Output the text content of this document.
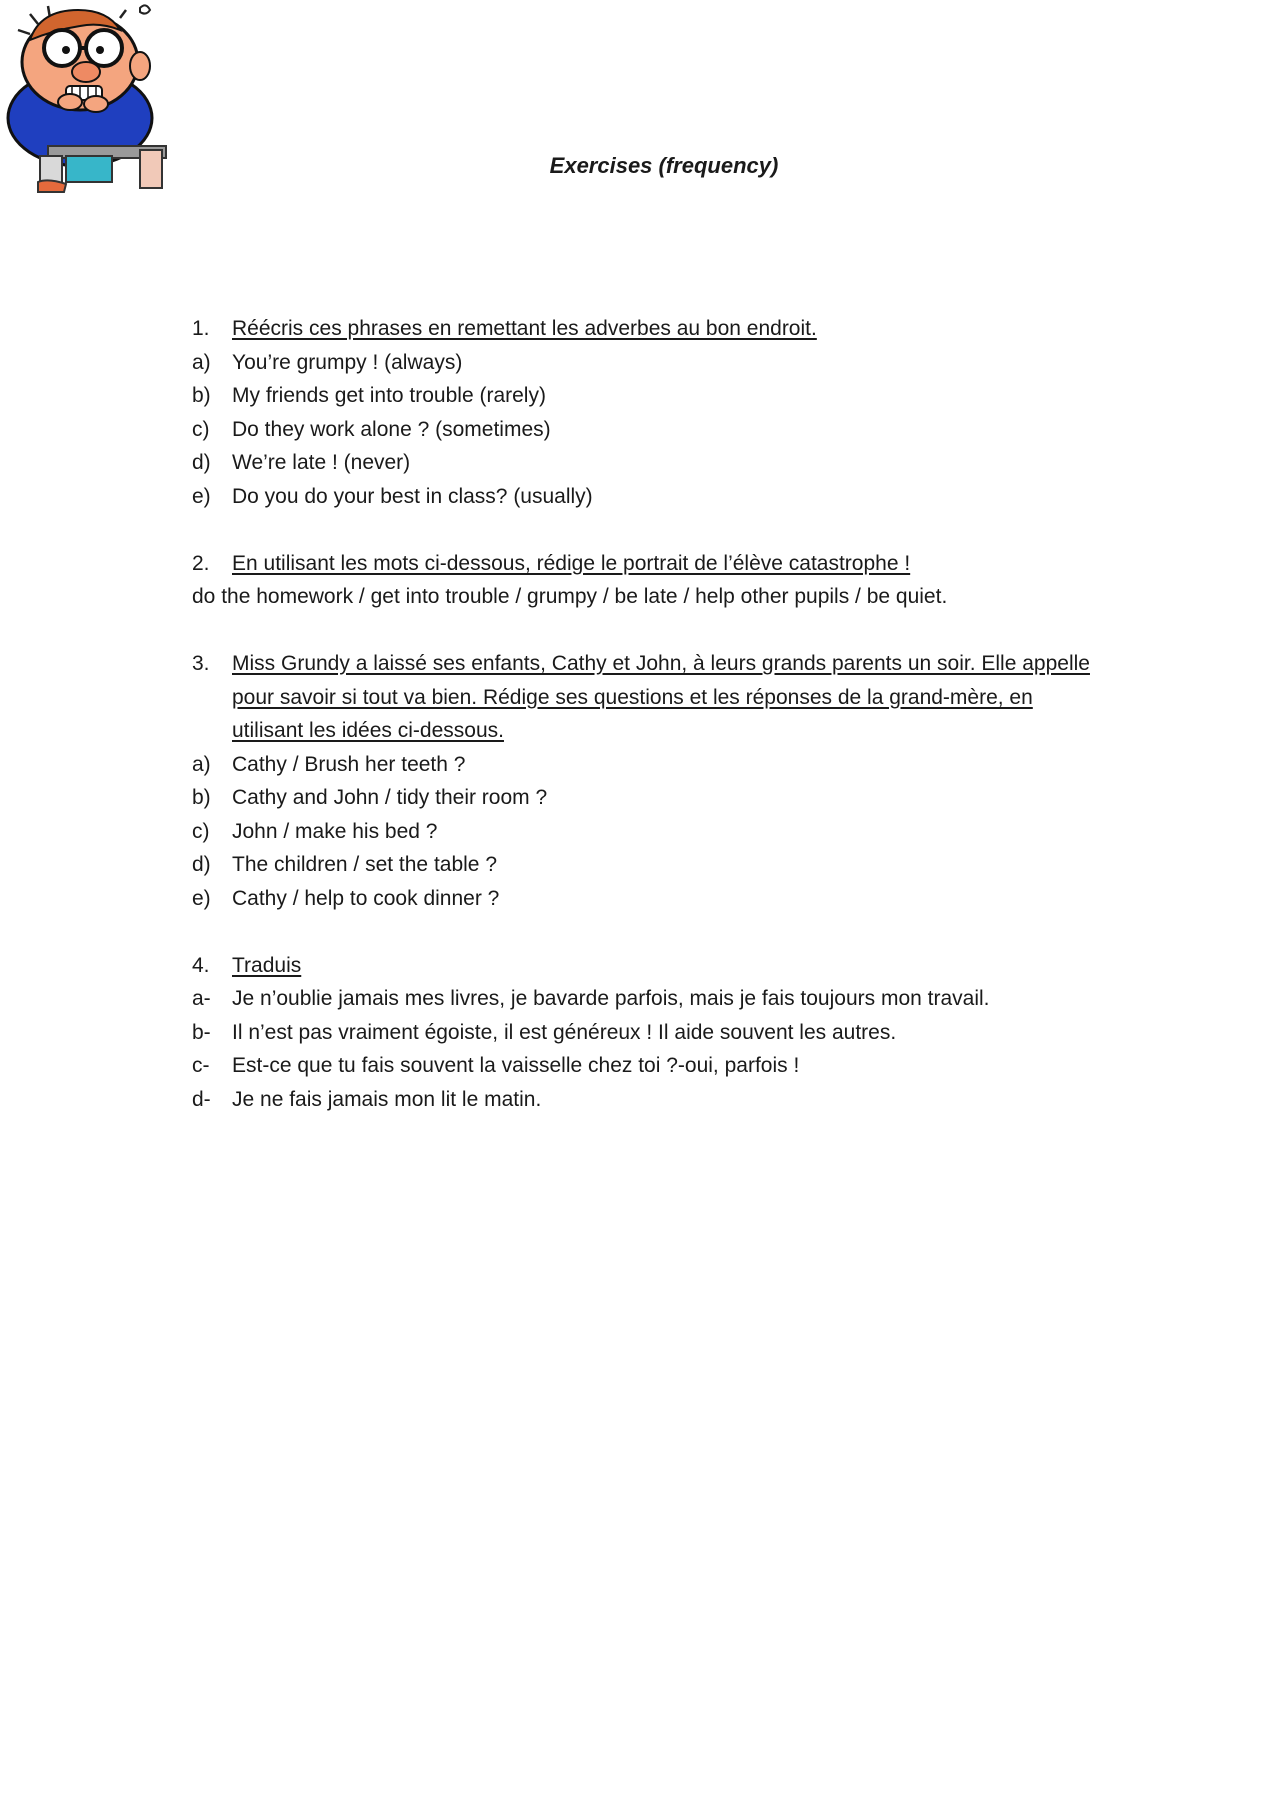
Exercises (frequency)
1.	Réécris ces phrases en remettant les adverbes au bon endroit.
a)	You’re grumpy ! (always)
b)	My friends get into trouble (rarely)
c)	Do they work alone ? (sometimes)
d)	We’re late ! (never)
e)	Do you do your best in class? (usually)
2.	En utilisant les mots ci-dessous, rédige le portrait de l’élève catastrophe !
do the homework / get into trouble / grumpy / be late / help other pupils / be quiet.
3.	Miss Grundy a laissé ses enfants, Cathy et John, à leurs grands parents un soir. Elle appelle
pour savoir si tout va bien. Rédige ses questions et les réponses de la grand-mère, en
utilisant les idées ci-dessous.
a)	Cathy / Brush her teeth ?
b)	Cathy and John / tidy their room ?
c)	John / make his bed ?
d)	The children / set the table ?
e)	Cathy / help to cook dinner ?
4.	Traduis
a-	Je n’oublie jamais mes livres, je bavarde parfois, mais je fais toujours mon travail.
b-	Il n’est pas vraiment égoiste, il est généreux ! Il aide souvent les autres.
c-	Est-ce que tu fais souvent la vaisselle chez toi ?-oui, parfois !
d-	Je ne fais jamais mon lit le matin.
